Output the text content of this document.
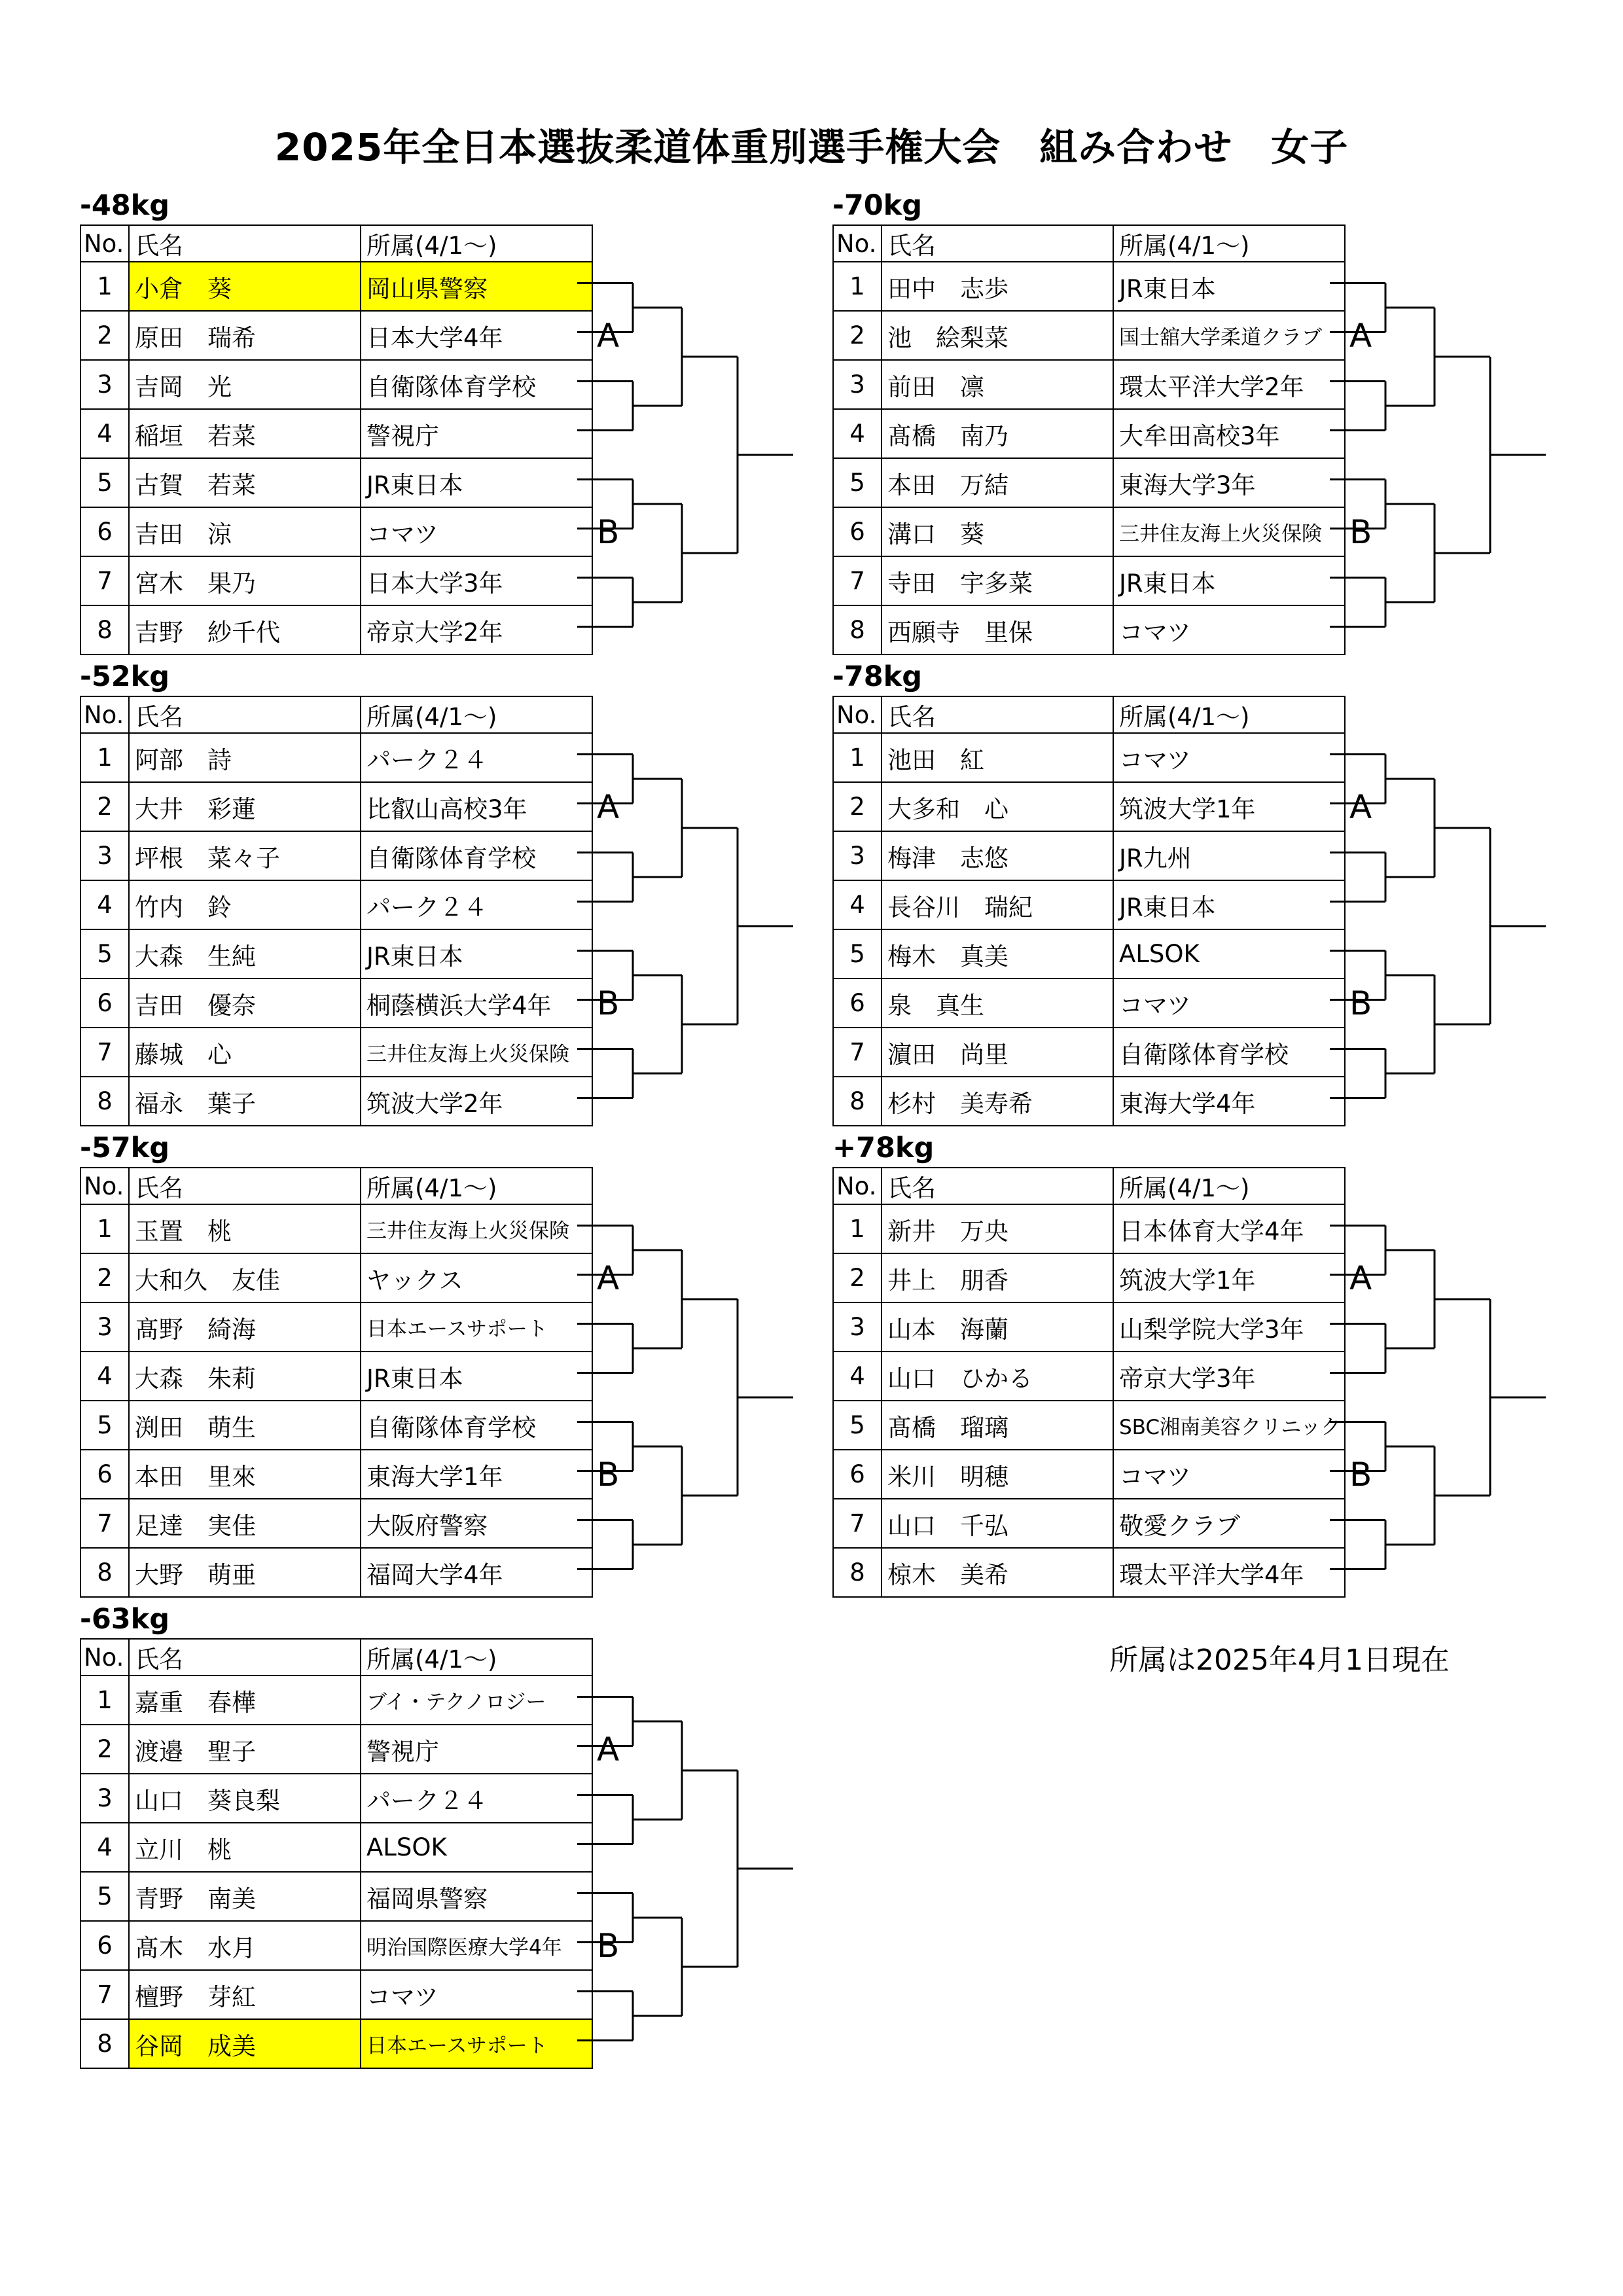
2025年全日本選抜柔道体重別選手権大会　組み合わせ　女子
-48kg
No.	氏名	所属(4/1～)
1	小倉　葵	岡山県警察
2	原田　瑞希	日本大学4年
3	吉岡　光	自衛隊体育学校
4	稲垣　若菜	警視庁
5	古賀　若菜	JR東日本
6	吉田　涼	コマツ
7	宮木　果乃	日本大学3年
8	吉野　紗千代	帝京大学2年
A
B
-70kg
No.	氏名	所属(4/1～)
1	田中　志歩	JR東日本
2	池　絵梨菜	国士舘大学柔道クラブ
3	前田　凛	環太平洋大学2年
4	髙橋　南乃	大牟田高校3年
5	本田　万結	東海大学3年
6	溝口　葵	三井住友海上火災保険
7	寺田　宇多菜	JR東日本
8	西願寺　里保	コマツ
A
B
-52kg
No.	氏名	所属(4/1～)
1	阿部　詩	パーク２４
2	大井　彩蓮	比叡山高校3年
3	坪根　菜々子	自衛隊体育学校
4	竹内　鈴	パーク２４
5	大森　生純	JR東日本
6	吉田　優奈	桐蔭横浜大学4年
7	藤城　心	三井住友海上火災保険
8	福永　葉子	筑波大学2年
A
B
-78kg
No.	氏名	所属(4/1～)
1	池田　紅	コマツ
2	大多和　心	筑波大学1年
3	梅津　志悠	JR九州
4	長谷川　瑞紀	JR東日本
5	梅木　真美	ALSOK
6	泉　真生	コマツ
7	濵田　尚里	自衛隊体育学校
8	杉村　美寿希	東海大学4年
A
B
-57kg
No.	氏名	所属(4/1～)
1	玉置　桃	三井住友海上火災保険
2	大和久　友佳	ヤックス
3	髙野　綺海	日本エースサポート
4	大森　朱莉	JR東日本
5	渕田　萌生	自衛隊体育学校
6	本田　里來	東海大学1年
7	足達　実佳	大阪府警察
8	大野　萌亜	福岡大学4年
A
B
+78kg
No.	氏名	所属(4/1～)
1	新井　万央	日本体育大学4年
2	井上　朋香	筑波大学1年
3	山本　海蘭	山梨学院大学3年
4	山口　ひかる	帝京大学3年
5	髙橋　瑠璃	SBC湘南美容クリニック
6	米川　明穂	コマツ
7	山口　千弘	敬愛クラブ
8	椋木　美希	環太平洋大学4年
A
B
-63kg
No.	氏名	所属(4/1～)
1	嘉重　春樺	ブイ・テクノロジー
2	渡邉　聖子	警視庁
3	山口　葵良梨	パーク２４
4	立川　桃	ALSOK
5	青野　南美	福岡県警察
6	髙木　水月	明治国際医療大学4年
7	檀野　芽紅	コマツ
8	谷岡　成美	日本エースサポート
A
B
所属は2025年4月1日現在
